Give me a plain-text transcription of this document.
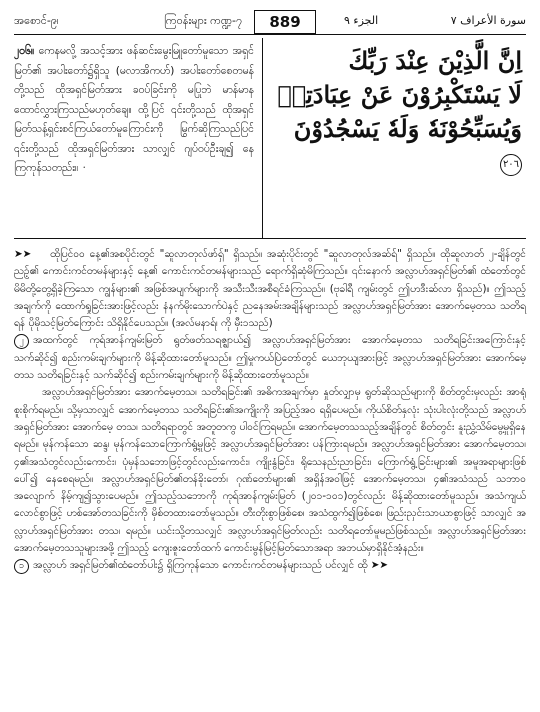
အစောင်-၉၊	ကြ၀န်းများ ကဏ္ဍ-၇	889	الجزء ٩	سورة الأعراف ٧
၂၀၆။ ကေနမလို့ အသင့်အား ဖန်ဆင်းမွေးမြူတော်မူသော အရှင်မြတ်၏ အပါးတော်၌ရှိသူ (မလာအိကဟ်) အပါးတော်စေတမန်တို့သည် ထိုအရှင်မြတ်အား ခ၀ပ်ခြင်းကို မပြုဘဲ မာန်မာန ထောင်လွှားကြသည်မဟုတ်ချေ။ ထို့ပြင် ၎င်းတို့သည် ထိုအရှင်မြတ်သန့်ရှင်းစင်ကြယ်တော်မူကြောင်းကို မြွက်ဆိုကြသည်ပြင် ၎င်းတို့သည် ထိုအရှင်မြတ်အား သာလျှင် ဂျပ်ဝပ်ဦးချ၍ နေကြကုန်သတည်း။ ᛫
اِنَّ الَّذِيْنَ عِنْدَ رَبِّكَ
لَا يَسْتَكْبِرُوْنَ عَنْ عِبَادَتِهٖ
وَيُسَبِّحُوْنَهٗ وَلَهٗ يَسْجُدُوْنَ ٢٠٦

➤➤ ထိုပြင်ဝ၀ နေ့၏အစပိုင်းတွင် "ဆူလာတုလ်ဖာ်ရှ်" ရှိသည်။ အဆုံးပိုင်းတွင် "ဆူလာတုလ်အဆ်ရ်" ရှိသည်။ ထိုဆူလာတ် ၂-ချိန်တွင် ညဉ့်၏ ကောင်းကင်တမန်များနှင့် နေ့၏ ကောင်းကင်တမန်များသည် ရောက်ရှိဆုံမိကြသည်။ ၎င်းနောက် အလ္လာဟ်အရှင်မြတ်၏ ထံတော်တွင် မိမိတို့တွေ့ရှိခဲ့ကြသော ကျွန်များ၏ အဖြစ်အပျက်များကို အသီးသီးအစီရင်ခံကြသည်။ (ဗုခါရီ ကျမ်းတွင် ဤဟဒီးဆ်လာ ရှိသည်)။ ဤသည့်အချက်ကို ထောက်ရှုခြင်းအားဖြင့်လည်း နံနက်မိုးသောက်ပဲနှင့် ညနေအမ်းအချိန်များသည် အလ္လာဟ်အရှင်မြတ်အား အောက်မေ့တသ သတိရရန် ပိုမိုသင့်မြတ်ကြောင်း သိရှိနိုင်ပေသည်။ (အလ်မနာရ်၊ ကို မှီး၁သည်)

၂ အထက်တွင် ကုရ်အာန်ကျမ်းမြတ် ရွတ်ဖတ်သရဇ္ဈာယ်၍ အလ္လာဟ်အရှင်မြတ်အား အောက်မေ့တသ သတိရခြင်းအကြောင်းနှင့် သက်ဆိုင်၍ စည်းကမ်းချက်များကို မိန့်ဆိုထားတော်မူသည်။ ဤမှုကယ်ပြဲတော်တွင် ယေဘုယျအားဖြင့် အလ္လာဟ်အရှင်မြတ်အား အောက်မေ့တသ သတိရခြင်းနှင့် သက်ဆိုင်၍ စည်းကမ်းချက်များကို မိန့်ဆိုထားတော်မူသည်။

အလ္လာဟ်အရှင်မြတ်အား အောက်မေ့တသ၊ သတိရခြင်း၏ အဓိကအချက်မှာ နှုတ်လျှာမှ ရွတ်ဆိုသည်များကို စိတ်တွင်းမှလည်း အာရုံစူးစိုက်ရမည်။ သို့မှသာလျှင် အောက်မေ့တသ သတိရခြင်း၏အကျိုးကို အပြည့်အ၀ ရရှိပေမည်။ ကိုယ်စိတ်နှလုံး သုံးပါးလုံးတို့သည် အလ္လာဟ်အရှင်မြတ်အား အောက်မေ့ တသ၊ သတိရရာတွင် အတူတကွ ပါ၀င်ကြရမည်။ အောက်မေ့တသသည့်အချိန်တွင် စိတ်တွင်း နူးညွှံ့သိမ်မွေ့မှုရှိနေရမည်။ မုန်ကန်သော ဆန္ဒ၊ မုန်ကန်သောကြောက်ရွံ့မှုဖြင့် အလ္လာဟ်အရှင်မြတ်အား ပန်ကြားရမည်။ အလ္လာဟ်အရှင်မြတ်အား အောက်မေ့တသ၊ ၄၏အသံတွင်လည်းကောင်း၊ ပုံမှန်သဘောဖြင့်တွင်လည်းကောင်း၊ ကျိုးနွံခြင်း၊ ရိုသေနည်းညာခြင်း၊ ကြောက်ရွံ့ခြင်းများ၏ အမူအရာများဖြစ်ပေါ်၍ နေစေရမည်။ အလ္လာဟ်အရှင်မြတ်၏တန်ခိုးတော်၊ ဂုဏ်တော်များ၏ အရှိန်အ၀ါဖြင့် အောက်မေ့တသ၊ ၄၏အသံသည် သဘာဝအလျောက် နိမ့်ကျ၍သွားပေမည်။ ဤသည့်သဘောကို ကုရ်အာန်ကျမ်းမြတ် (၂၀၁-၁၀၁)တွင်လည်း မိန့်ဆိုထားတော်မူသည်။ အသံကျယ်လောင်စွာဖြင့် ဟစ်အော်တသခြင်းကို မှိစ်တထားတော်မူသည်။ တီးတိုးစွာဖြစ်စေ၊ အသံထွက်၍ဖြစ်စေ၊ ဖြည်းညှင်းသာယာစွာဖြင့် သာလျှင် အလ္လာဟ်အရှင်မြတ်အား တသ၊ ရမည်။ ယင်းသို့တသလျှင် အလ္လာဟ်အရှင်မြတ်လည်း သတိရတော်မူမည်ဖြစ်သည်။ အလ္လာဟ်အရှင်မြတ်အား အောက်မေ့တသသူများအဖို့ ဤသည့် ကျေးဇူးတော်ထက် ကောင်းမွန်မြင့်မြတ်သောအရာ အဘယ်မှာရှိနိုင်အံ့နည်း။

၁ အလ္လာဟ် အရှင်မြတ်၏ထံတော်ပါး၌ ရှိကြကုန်သော ကောင်းကင်တမန်များသည် ပင်လျှင် ထို ➤➤
